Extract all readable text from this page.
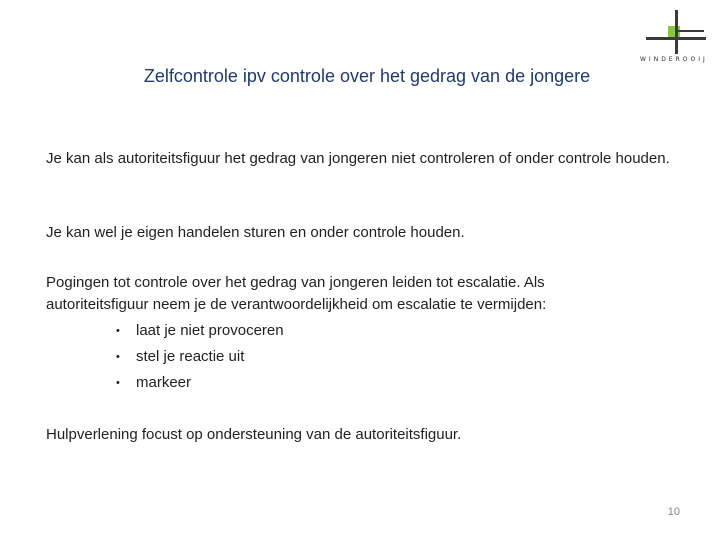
WINDEROOIJ
Zelfcontrole ipv controle over het gedrag van de jongere

Je kan als autoriteitsfiguur het gedrag van jongeren niet controleren of onder controle houden.

Je kan wel je eigen handelen sturen en onder controle houden.

Pogingen tot controle over het gedrag van jongeren leiden tot escalatie. Als autoriteitsfiguur neem je de verantwoordelijkheid om escalatie te vermijden:

• laat je niet provoceren
• stel je reactie uit
• markeer

Hulpverlening focust op ondersteuning van de autoriteitsfiguur.

10
